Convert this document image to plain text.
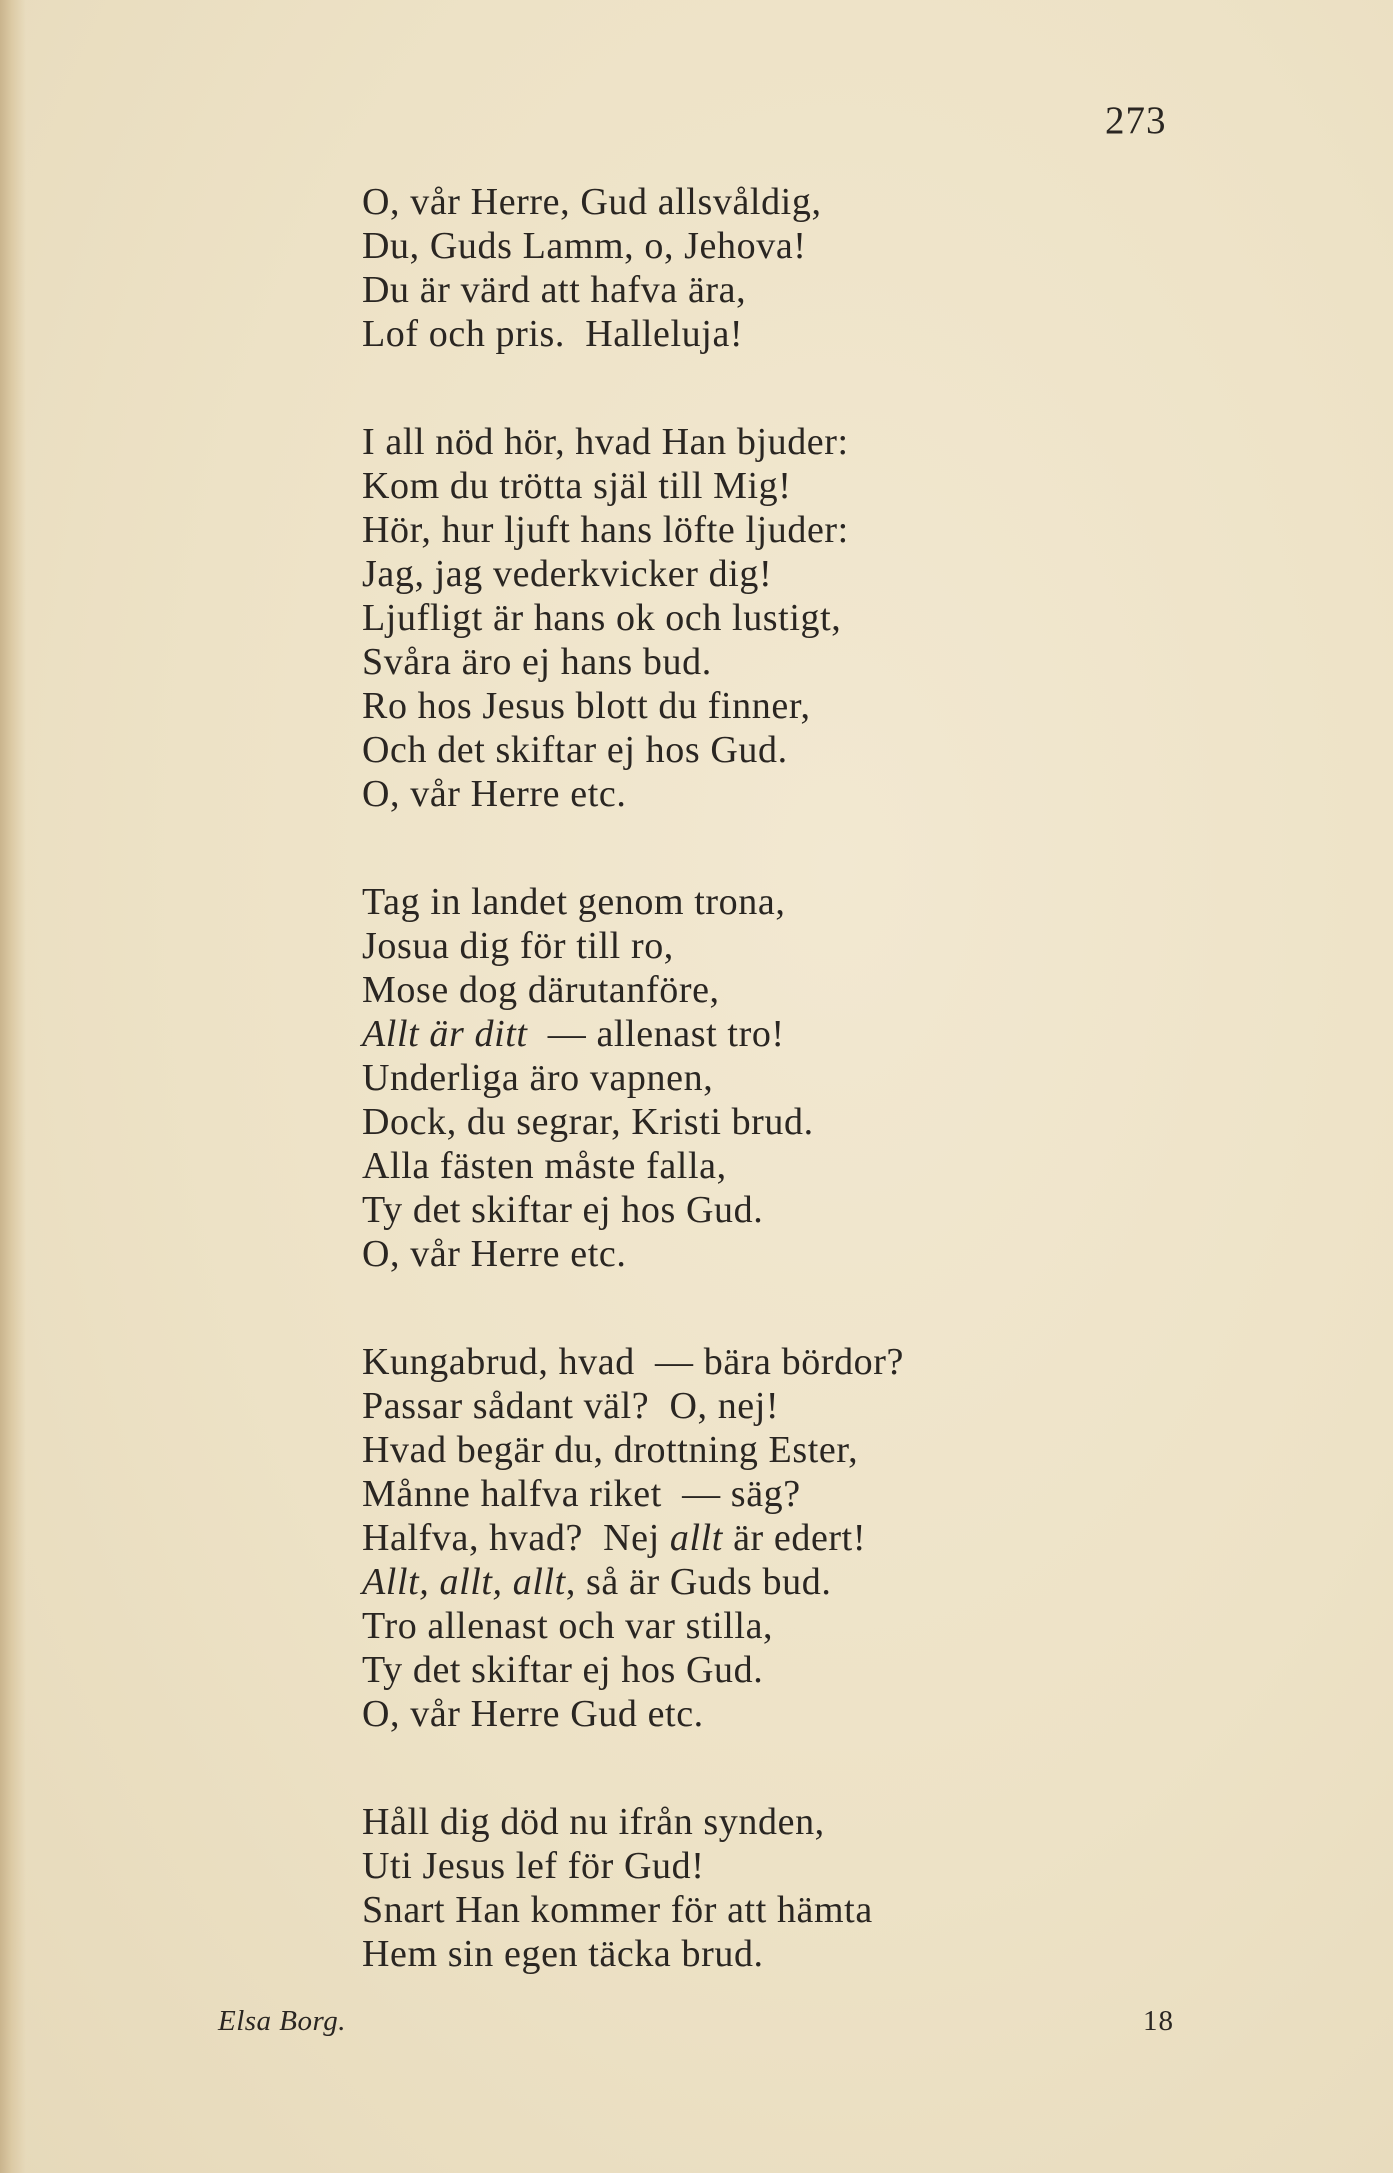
273
O, vår Herre, Gud allsvåldig,
Du, Guds Lamm, o, Jehova!
Du är värd att hafva ära,
Lof och pris.  Halleluja!
I all nöd hör, hvad Han bjuder:
Kom du trötta själ till Mig!
Hör, hur ljuft hans löfte ljuder:
Jag, jag vederkvicker dig!
Ljufligt är hans ok och lustigt,
Svåra äro ej hans bud.
Ro hos Jesus blott du finner,
Och det skiftar ej hos Gud.
O, vår Herre etc.
Tag in landet genom trona,
Josua dig för till ro,
Mose dog därutanföre,
Allt är ditt  — allenast tro!
Underliga äro vapnen,
Dock, du segrar, Kristi brud.
Alla fästen måste falla,
Ty det skiftar ej hos Gud.
O, vår Herre etc.
Kungabrud, hvad  — bära bördor?
Passar sådant väl?  O, nej!
Hvad begär du, drottning Ester,
Månne halfva riket  — säg?
Halfva, hvad?  Nej allt är edert!
Allt, allt, allt, så är Guds bud.
Tro allenast och var stilla,
Ty det skiftar ej hos Gud.
O, vår Herre Gud etc.
Håll dig död nu ifrån synden,
Uti Jesus lef för Gud!
Snart Han kommer för att hämta
Hem sin egen täcka brud.
Elsa Borg.	18
